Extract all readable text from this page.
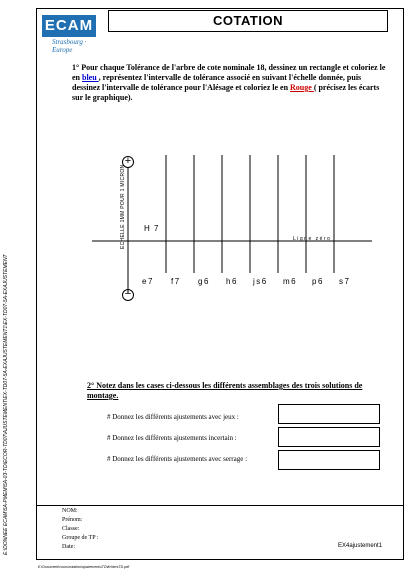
E:\DONNEE ECAM\5A-PMEM\5A-03-TD\ECOR-TD07\AJUSTEMENT\EX-TD07-5A-EXAJUSTEMENT1\EX-TD07-5A-EXAJUSTEMENT
ECAM
Strasbourg · Europe
COTATION
1° Pour chaque Tolérance de l'arbre de cote nominale 18, dessinez un rectangle et coloriez le en bleu , représentez l'intervalle de tolérance associé en suivant l'échelle donnée, puis dessinez l'intervalle de tolérance pour l'Alésage et coloriez le en Rouge ( précisez les écarts sur le graphique).
+
−
ECHELLE 1MM POUR 1 MICRON H 7
Ligne zéro
e7 f7 g6 h6 js6 m6 p6 s7
2° Notez dans les cases ci-dessous les différents assemblages des trois solutions de montage.
# Donnez les différents ajustements avec jeux :
# Donnez les différents ajustements incertain :
# Donnez les différents ajustements avec serrage :
NOM:
Prénom:
Classe:
Groupe de TP :
Date:	EX4ajustement1
E:\Document\cours\cotation\ajustements\TD\fichiersTD.pdf
